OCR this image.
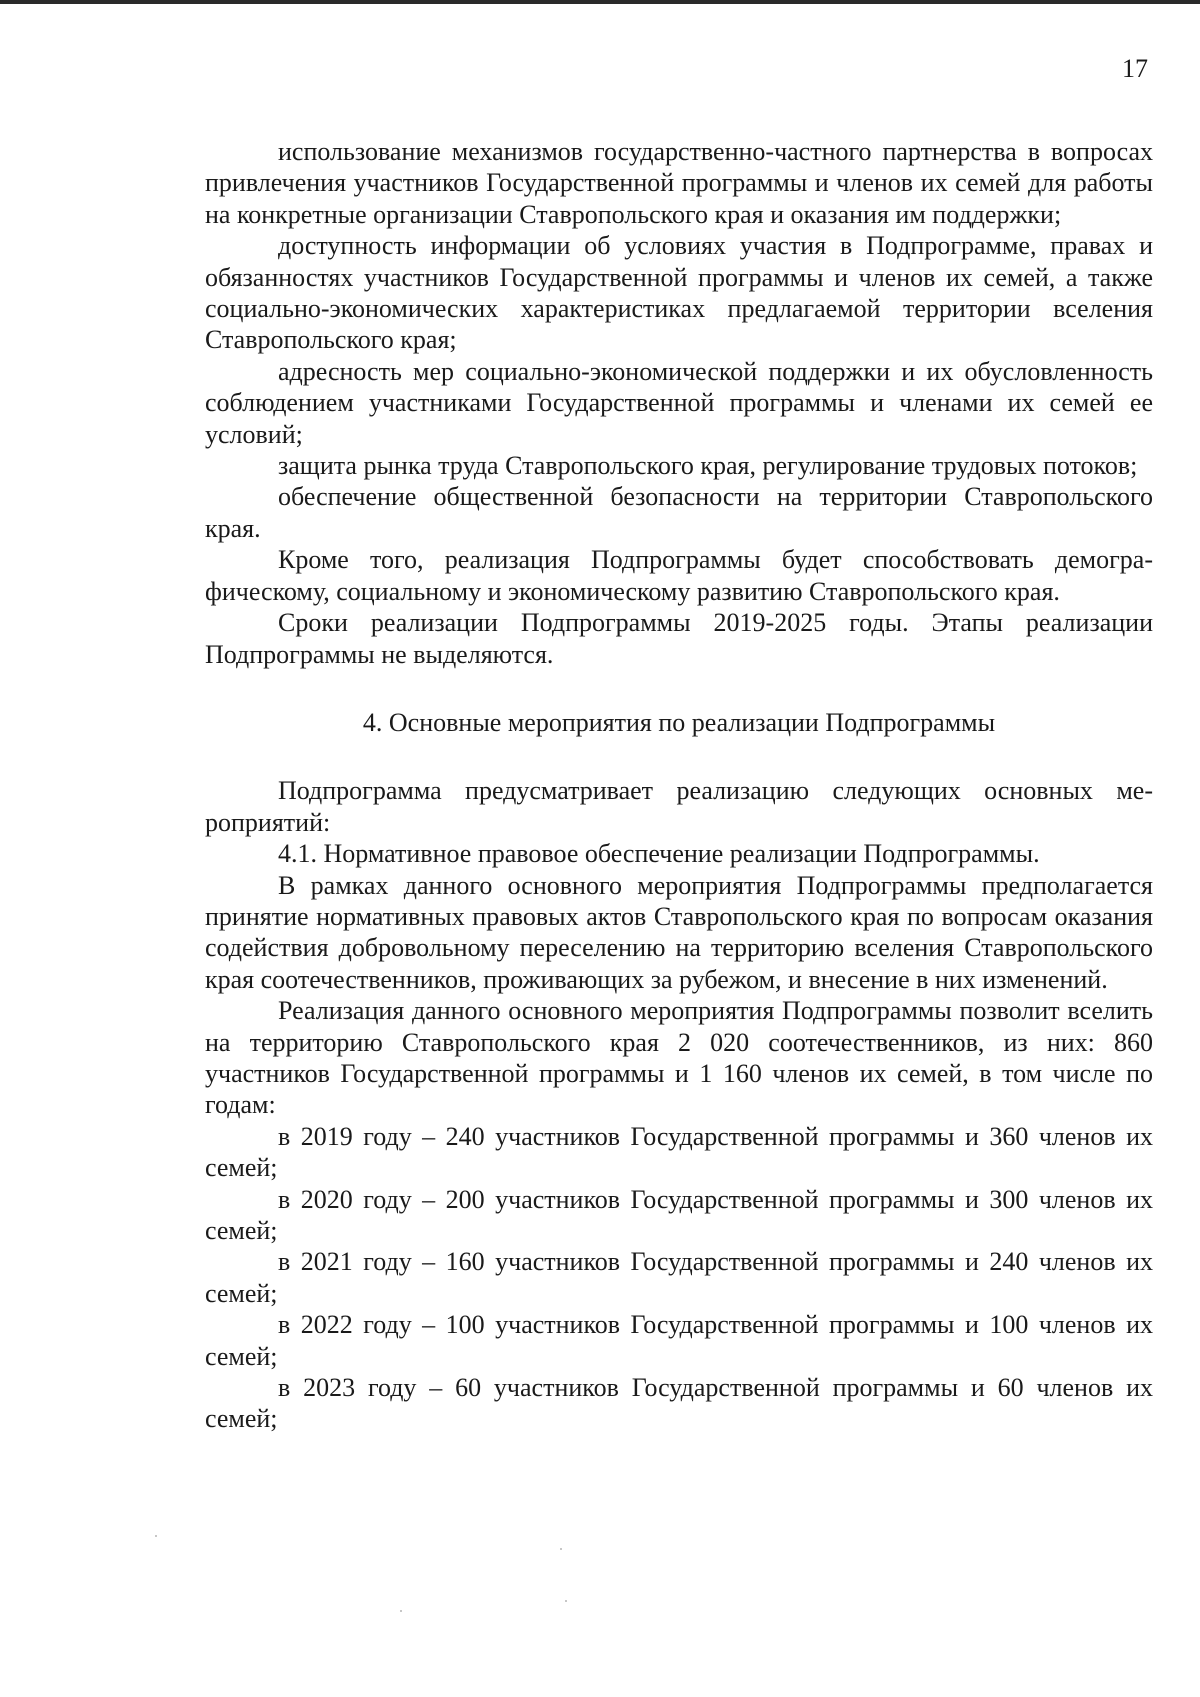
17

использование механизмов государственно-частного партнерства в вопросах привлечения участников Государственной программы и членов их семей для работы на конкретные организации Ставропольского края и оказания им поддержки;

доступность информации об условиях участия в Подпрограмме, правах и обязанностях участников Государственной программы и членов их семей, а также социально-экономических характеристиках предлагаемой территории вселения Ставропольского края;

адресность мер социально-экономической поддержки и их обусловленность соблюдением участниками Государственной программы и членами их семей ее условий;

защита рынка труда Ставропольского края, регулирование трудовых потоков;

обеспечение общественной безопасности на территории Ставропольского края.

Кроме того, реализация Подпрограммы будет способствовать демографическому, социальному и экономическому развитию Ставропольского края.

Сроки реализации Подпрограммы 2019-2025 годы. Этапы реализации Подпрограммы не выделяются.

4. Основные мероприятия по реализации Подпрограммы

Подпрограмма предусматривает реализацию следующих основных мероприятий:

4.1. Нормативное правовое обеспечение реализации Подпрограммы.

В рамках данного основного мероприятия Подпрограммы предполагается принятие нормативных правовых актов Ставропольского края по вопросам оказания содействия добровольному переселению на территорию вселения Ставропольского края соотечественников, проживающих за рубежом, и внесение в них изменений.

Реализация данного основного мероприятия Подпрограммы позволит вселить на территорию Ставропольского края 2 020 соотечественников, из них: 860 участников Государственной программы и 1 160 членов их семей, в том числе по годам:

в 2019 году – 240 участников Государственной программы и 360 членов их семей;

в 2020 году – 200 участников Государственной программы и 300 членов их семей;

в 2021 году – 160 участников Государственной программы и 240 членов их семей;

в 2022 году – 100 участников Государственной программы и 100 членов их семей;

в 2023 году – 60 участников Государственной программы и 60 членов их семей;
